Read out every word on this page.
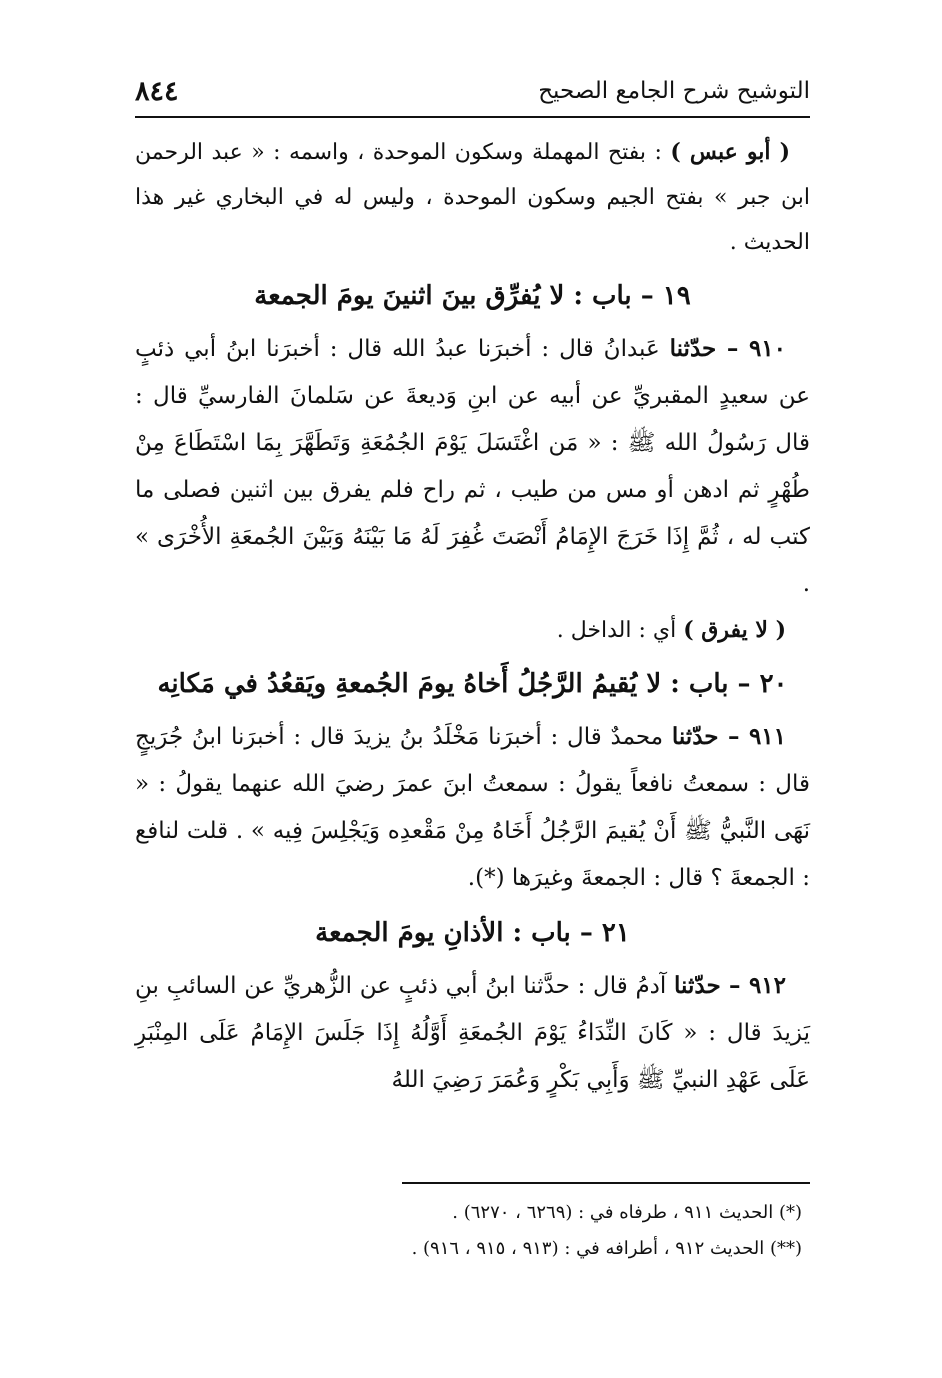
التوشيح شرح الجامع الصحيح
٨٤٤

( أبو عبس ) : بفتح المهملة وسكون الموحدة ، واسمه : « عبد الرحمن ابن جبر » بفتح الجيم وسكون الموحدة ، وليس له في البخاري غير هذا الحديث .

١٩ – باب : لا يُفرِّق بينَ اثنينَ يومَ الجمعة

٩١٠ – حدّثنا عَبدانُ قال : أخبرَنا عبدُ الله قال : أخبرَنا ابنُ أبي ذئبٍ عن سعيدٍ المقبريِّ عن أبيه عن ابنِ وَديعةَ عن سَلمانَ الفارسيِّ قال : قال رَسُولُ الله ﷺ : « مَن اغْتَسَلَ يَوْمَ الجُمُعَةِ وَتَطَهَّرَ بِمَا اسْتَطَاعَ مِنْ طُهْرٍ ثم ادهن أو مس من طيب ، ثم راح فلم يفرق بين اثنين فصلى ما كتب له ، ثُمَّ إِذَا خَرَجَ الإِمَامُ أَنْصَتَ غُفِرَ لَهُ مَا بَيْنَهُ وَبَيْنَ الجُمعَةِ الأُخْرَى » .

( لا يفرق ) أي : الداخل .

٢٠ – باب : لا يُقيمُ الرَّجُلُ أَخاهُ يومَ الجُمعةِ ويَقعُدُ في مَكانِه

٩١١ – حدّثنا محمدٌ قال : أخبرَنا مَخْلَدُ بنُ يزيدَ قال : أخبرَنا ابنُ جُرَيجٍ قال : سمعتُ نافعاً يقولُ : سمعتُ ابنَ عمرَ رضيَ الله عنهما يقولُ : « نَهَى النَّبيُّ ﷺ أَنْ يُقيمَ الرَّجُلُ أَخَاهُ مِنْ مَقْعدِه وَيَجْلِسَ فِيه » . قلت لنافع : الجمعةَ ؟ قال : الجمعةَ وغيرَها (*).

٢١ – باب : الأذانِ يومَ الجمعة

٩١٢ – حدّثنا آدمُ قال : حدَّثنا ابنُ أبي ذئبٍ عن الزُّهريِّ عن السائبِ بنِ يَزيدَ قال : « كَانَ النِّدَاءُ يَوْمَ الجُمعَةِ أَوَّلُهُ إِذَا جَلَسَ الإِمَامُ عَلَى المِنْبَرِ عَلَى عَهْدِ النبيِّ ﷺ وَأَبِي بَكْرٍ وَعُمَرَ رَضِيَ اللهُ

(*) الحديث ٩١١ ، طرفاه في : (٦٢٦٩ ، ٦٢٧٠) .
(**) الحديث ٩١٢ ، أطرافه في : (٩١٣ ، ٩١٥ ، ٩١٦) .
